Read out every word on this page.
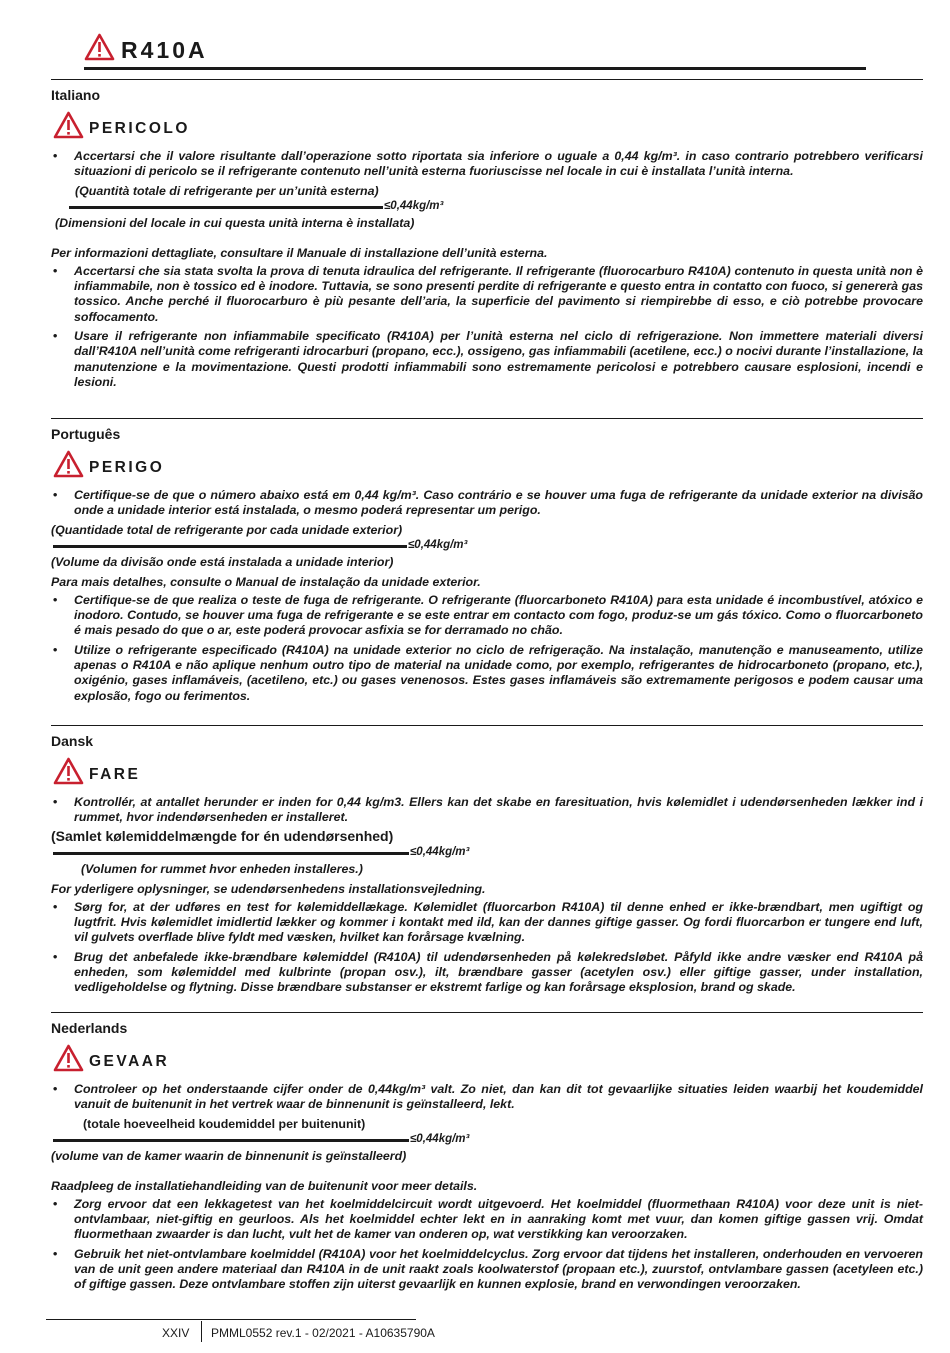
R410A
Italiano
PERICOLO
• Accertarsi che il valore risultante dall’operazione sotto riportata sia inferiore o uguale a 0,44 kg/m³. in caso contrario potrebbero verificarsi situazioni di pericolo se il refrigerante contenuto nell’unità esterna fuoriuscisse nel locale in cui è installata l’unità interna.
(Quantità totale di refrigerante per un’unità esterna)
≤0,44kg/m³
(Dimensioni del locale in cui questa unità interna è installata)
Per informazioni dettagliate, consultare il Manuale di installazione dell’unità esterna.
• Accertarsi che sia stata svolta la prova di tenuta idraulica del refrigerante. Il refrigerante (fluorocarburo R410A) contenuto in questa unità non è infiammabile, non è tossico ed è inodore. Tuttavia, se sono presenti perdite di refrigerante e questo entra in contatto con fuoco, si genererà gas tossico. Anche perché il fluorocarburo è più pesante dell’aria, la superficie del pavimento si riempirebbe di esso, e ciò potrebbe provocare soffocamento.
• Usare il refrigerante non infiammabile specificato (R410A) per l’unità esterna nel ciclo di refrigerazione. Non immettere materiali diversi dall’R410A nell’unità come refrigeranti idrocarburi (propano, ecc.), ossigeno, gas infiammabili (acetilene, ecc.) o nocivi durante l’installazione, la manutenzione e la movimentazione. Questi prodotti infiammabili sono estremamente pericolosi e potrebbero causare esplosioni, incendi e lesioni.
Português
PERIGO
• Certifique-se de que o número abaixo está em 0,44 kg/m³. Caso contrário e se houver uma fuga de refrigerante da unidade exterior na divisão onde a unidade interior está instalada, o mesmo poderá representar um perigo.
(Quantidade total de refrigerante por cada unidade exterior)
≤0,44kg/m³
(Volume da divisão onde está instalada a unidade interior)
Para mais detalhes, consulte o Manual de instalação da unidade exterior.
• Certifique-se de que realiza o teste de fuga de refrigerante. O refrigerante (fluorcarboneto R410A) para esta unidade é incombustível, atóxico e inodoro. Contudo, se houver uma fuga de refrigerante e se este entrar em contacto com fogo, produz-se um gás tóxico. Como o fluorcarboneto é mais pesado do que o ar, este poderá provocar asfixia se for derramado no chão.
• Utilize o refrigerante especificado (R410A) na unidade exterior no ciclo de refrigeração. Na instalação, manutenção e manuseamento, utilize apenas o R410A e não aplique nenhum outro tipo de material na unidade como, por exemplo, refrigerantes de hidrocarboneto (propano, etc.), oxigénio, gases inflamáveis, (acetileno, etc.) ou gases venenosos. Estes gases inflamáveis são extremamente perigosos e podem causar uma explosão, fogo ou ferimentos.
Dansk
FARE
• Kontrollér, at antallet herunder er inden for 0,44 kg/m3. Ellers kan det skabe en faresituation, hvis kølemidlet i udendørsenheden lækker ind i rummet, hvor indendørsenheden er installeret.
(Samlet kølemiddelmængde for én udendørsenhed)
≤0,44kg/m³
(Volumen for rummet hvor enheden installeres.)
For yderligere oplysninger, se udendørsenhedens installationsvejledning.
• Sørg for, at der udføres en test for kølemiddellækage. Kølemidlet (fluorcarbon R410A) til denne enhed er ikke-brændbart, men ugiftigt og lugtfrit. Hvis kølemidlet imidlertid lækker og kommer i kontakt med ild, kan der dannes giftige gasser. Og fordi fluorcarbon er tungere end luft, vil gulvets overflade blive fyldt med væsken, hvilket kan forårsage kvælning.
• Brug det anbefalede ikke-brændbare kølemiddel (R410A) til udendørsenheden på kølekredsløbet. Påfyld ikke andre væsker end R410A på enheden, som kølemiddel med kulbrinte (propan osv.), ilt, brændbare gasser (acetylen osv.) eller giftige gasser, under installation, vedligeholdelse og flytning. Disse brændbare substanser er ekstremt farlige og kan forårsage eksplosion, brand og skade.
Nederlands
GEVAAR
• Controleer op het onderstaande cijfer onder de 0,44kg/m³ valt. Zo niet, dan kan dit tot gevaarlijke situaties leiden waarbij het koudemiddel vanuit de buitenunit in het vertrek waar de binnenunit is geïnstalleerd, lekt.
(totale hoeveelheid koudemiddel per buitenunit)
≤0,44kg/m³
(volume van de kamer waarin de binnenunit is geïnstalleerd)
Raadpleeg de installatiehandleiding van de buitenunit voor meer details.
• Zorg ervoor dat een lekkagetest van het koelmiddelcircuit wordt uitgevoerd. Het koelmiddel (fluormethaan R410A) voor deze unit is niet-ontvlambaar, niet-giftig en geurloos. Als het koelmiddel echter lekt en in aanraking komt met vuur, dan komen giftige gassen vrij. Omdat fluormethaan zwaarder is dan lucht, vult het de kamer van onderen op, wat verstikking kan veroorzaken.
• Gebruik het niet-ontvlambare koelmiddel (R410A) voor het koelmiddelcyclus. Zorg ervoor dat tijdens het installeren, onderhouden en vervoeren van de unit geen andere materiaal dan R410A in de unit raakt zoals koolwaterstof (propaan etc.), zuurstof, ontvlambare gassen (acetyleen etc.) of giftige gassen. Deze ontvlambare stoffen zijn uiterst gevaarlijk en kunnen explosie, brand en verwondingen veroorzaken.
XXIV PMML0552 rev.1 - 02/2021 - A10635790A
